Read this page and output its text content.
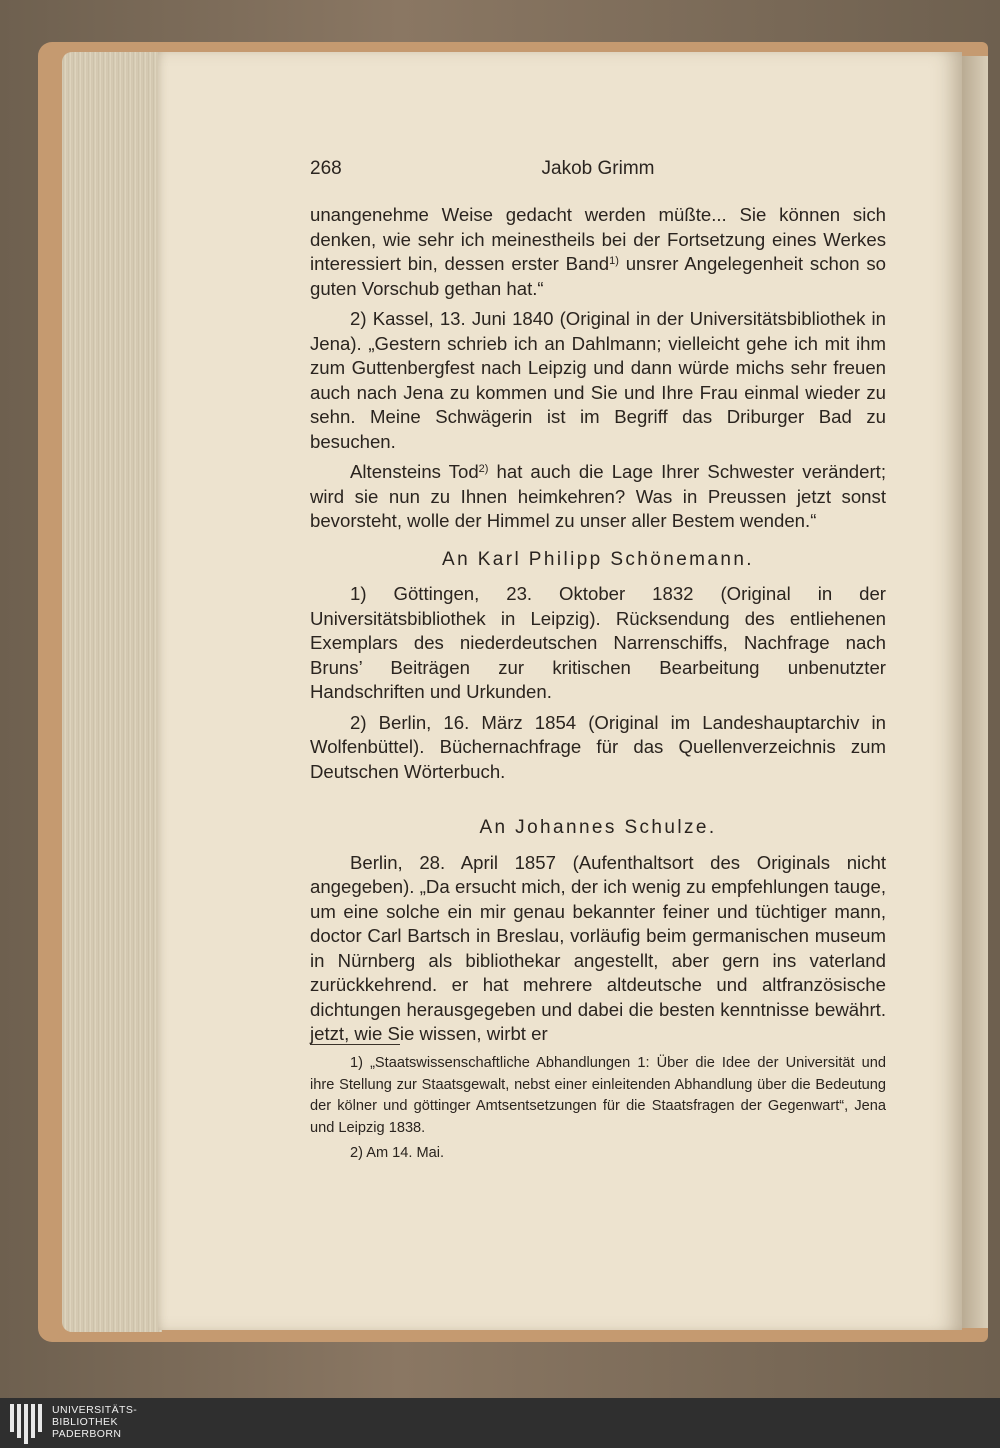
268	Jakob Grimm

unangenehme Weise gedacht werden müßte... Sie können sich denken, wie sehr ich meinestheils bei der Fortsetzung eines Werkes interessiert bin, dessen erster Band$^{1)}$ unsrer Angelegenheit schon so guten Vorschub gethan hat.“

2) Kassel, 13. Juni 1840 (Original in der Universitätsbibliothek in Jena). „Gestern schrieb ich an Dahlmann; vielleicht gehe ich mit ihm zum Guttenbergfest nach Leipzig und dann würde michs sehr freuen auch nach Jena zu kommen und Sie und Ihre Frau einmal wieder zu sehn. Meine Schwägerin ist im Begriff das Driburger Bad zu besuchen.

Altensteins Tod$^{2)}$ hat auch die Lage Ihrer Schwester verändert; wird sie nun zu Ihnen heimkehren? Was in Preussen jetzt sonst bevorsteht, wolle der Himmel zu unser aller Bestem wenden.“

An Karl Philipp Schönemann.

1) Göttingen, 23. Oktober 1832 (Original in der Universitätsbibliothek in Leipzig). Rücksendung des entliehenen Exemplars des niederdeutschen Narrenschiffs, Nachfrage nach Bruns’ Beiträgen zur kritischen Bearbeitung unbenutzter Handschriften und Urkunden.

2) Berlin, 16. März 1854 (Original im Landeshauptarchiv in Wolfenbüttel). Büchernachfrage für das Quellenverzeichnis zum Deutschen Wörterbuch.

An Johannes Schulze.

Berlin, 28. April 1857 (Aufenthaltsort des Originals nicht angegeben). „Da ersucht mich, der ich wenig zu empfehlungen tauge, um eine solche ein mir genau bekannter feiner und tüchtiger mann, doctor Carl Bartsch in Breslau, vorläufig beim germanischen museum in Nürnberg als bibliothekar angestellt, aber gern ins vaterland zurückkehrend. er hat mehrere altdeutsche und altfranzösische dichtungen herausgegeben und dabei die besten kenntnisse bewährt. jetzt, wie Sie wissen, wirbt er

1) „Staatswissenschaftliche Abhandlungen 1: Über die Idee der Universität und ihre Stellung zur Staatsgewalt, nebst einer einleitenden Abhandlung über die Bedeutung der kölner und göttinger Amtsentsetzungen für die Staatsfragen der Gegenwart“, Jena und Leipzig 1838.

2) Am 14. Mai.

UNIVERSITÄTS-
BIBLIOTHEK
PADERBORN
